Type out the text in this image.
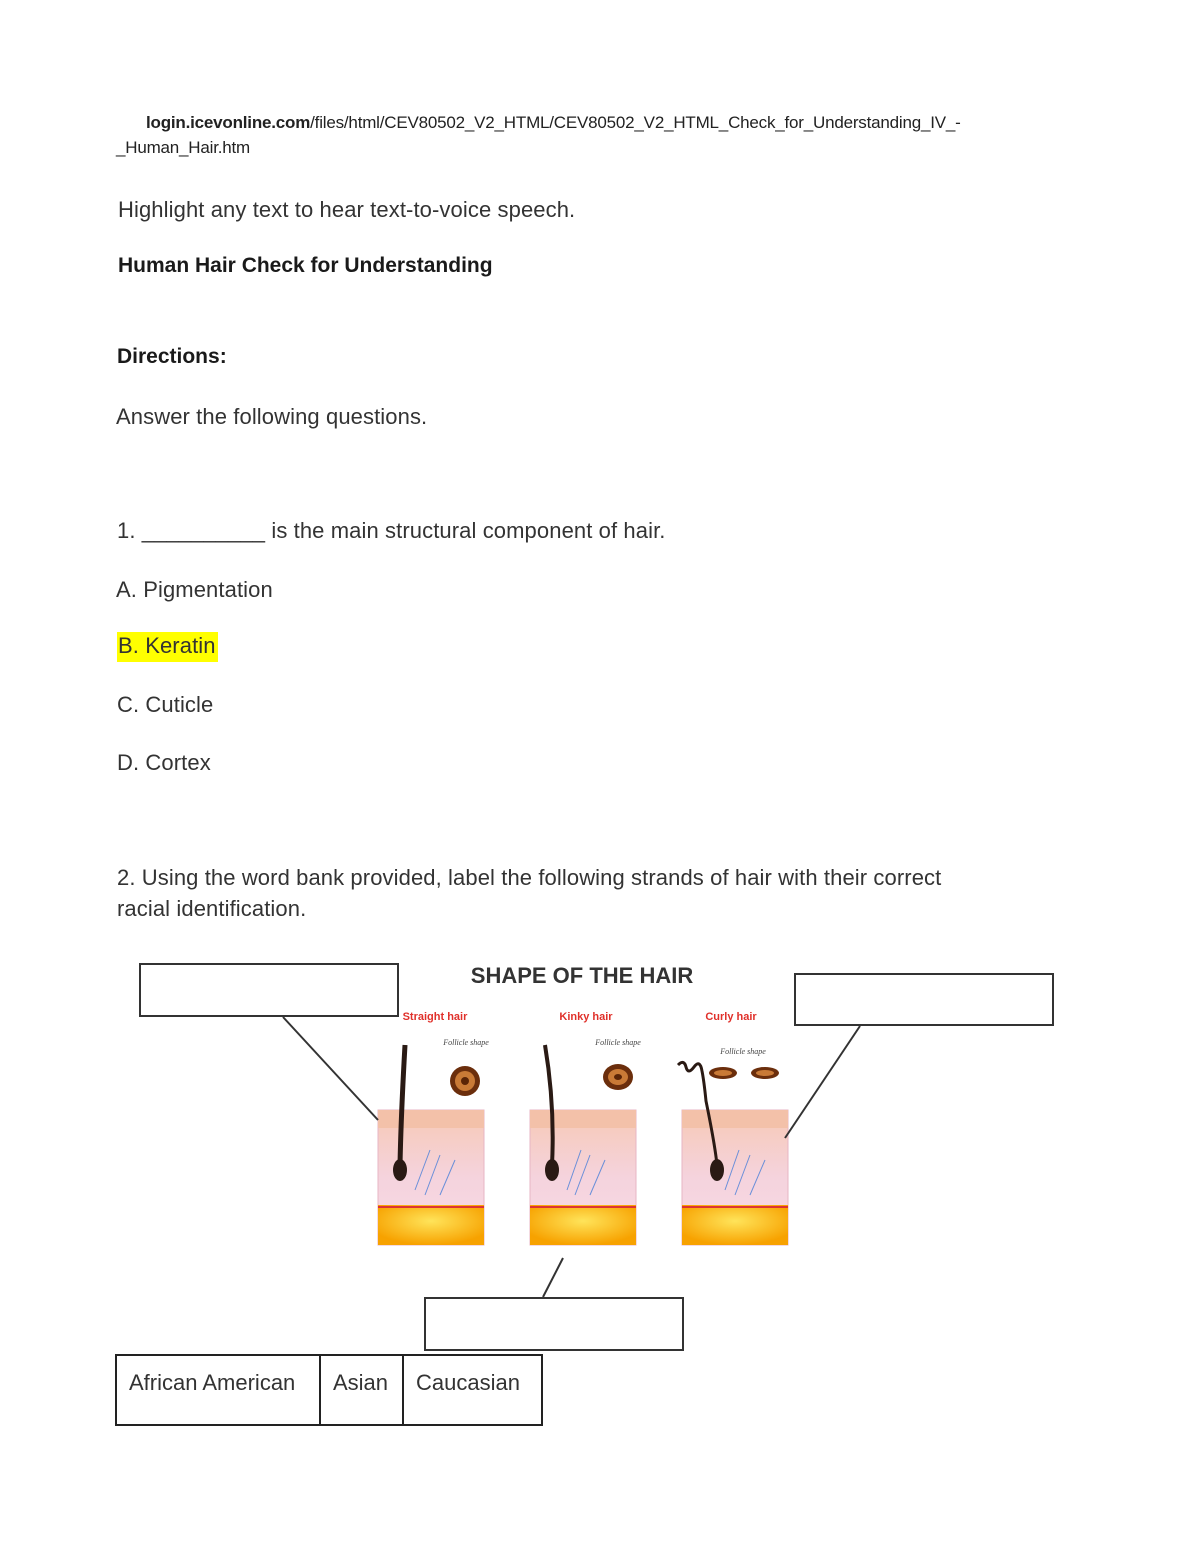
login.icevonline.com/files/html/CEV80502_V2_HTML/CEV80502_V2_HTML_Check_for_Understanding_IV_-_Human_Hair.htm
Highlight any text to hear text-to-voice speech.
Human Hair Check for Understanding
Directions:
Answer the following questions.
1. __________ is the main structural component of hair.
A. Pigmentation
B. Keratin
C. Cuticle
D. Cortex
2. Using the word bank provided, label the following strands of hair with their correct
racial identification.
SHAPE OF THE HAIR
Straight hair	Kinky hair	Curly hair
Follicle shape	Follicle shape
Follicle shape
African American	Asian	Caucasian
